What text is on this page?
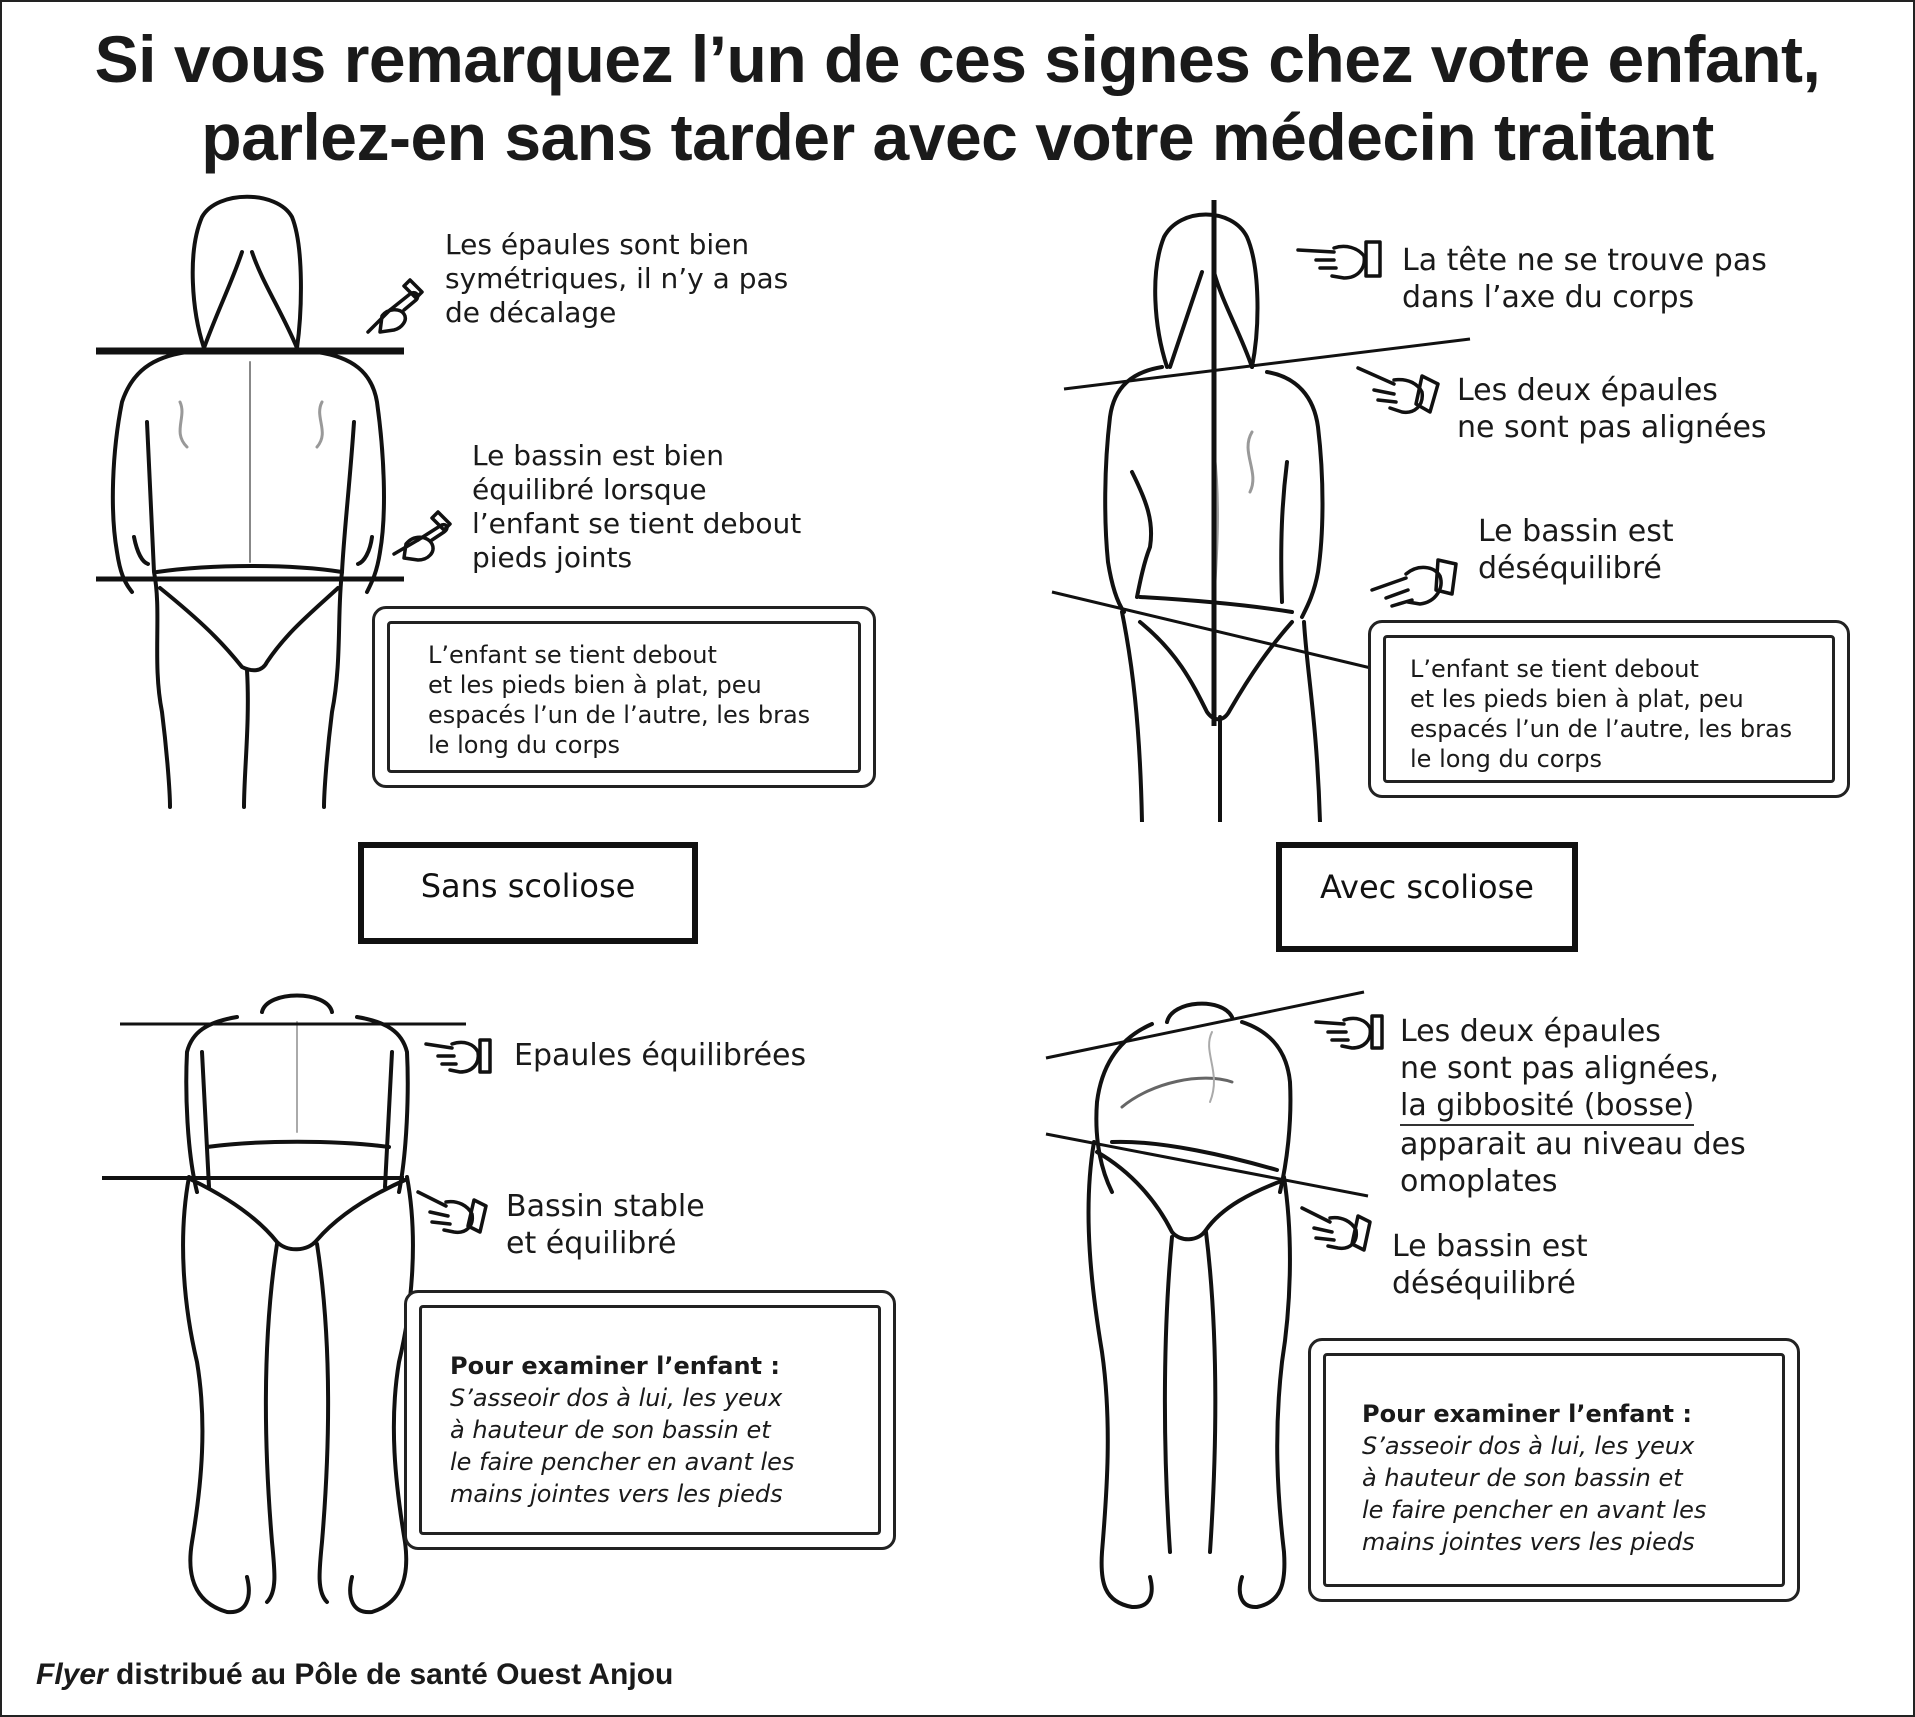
Si vous remarquez l’un de ces signes chez votre enfant,
parlez-en sans tarder avec votre médecin traitant
Les épaules sont bien
symétriques, il n’y a pas
de décalage
Le bassin est bien
équilibré lorsque
l’enfant se tient debout
pieds joints
L’enfant se tient debout
et les pieds bien à plat, peu
espacés l’un de l’autre, les bras
le long du corps
La tête ne se trouve pas
dans l’axe du corps
Les deux épaules
ne sont pas alignées
Le bassin est
déséquilibré
L’enfant se tient debout
et les pieds bien à plat, peu
espacés l’un de l’autre, les bras
le long du corps
Sans scoliose	Avec scoliose
Epaules équilibrées
Bassin stable
et équilibré
Pour examiner l’enfant :
S’asseoir dos à lui, les yeux
à hauteur de son bassin et
le faire pencher en avant les
mains jointes vers les pieds
Les deux épaules
ne sont pas alignées,
la gibbosité (bosse)
apparait au niveau des
omoplates
Le bassin est
déséquilibré
Pour examiner l’enfant :
S’asseoir dos à lui, les yeux
à hauteur de son bassin et
le faire pencher en avant les
mains jointes vers les pieds
Flyer distribué au Pôle de santé Ouest Anjou
